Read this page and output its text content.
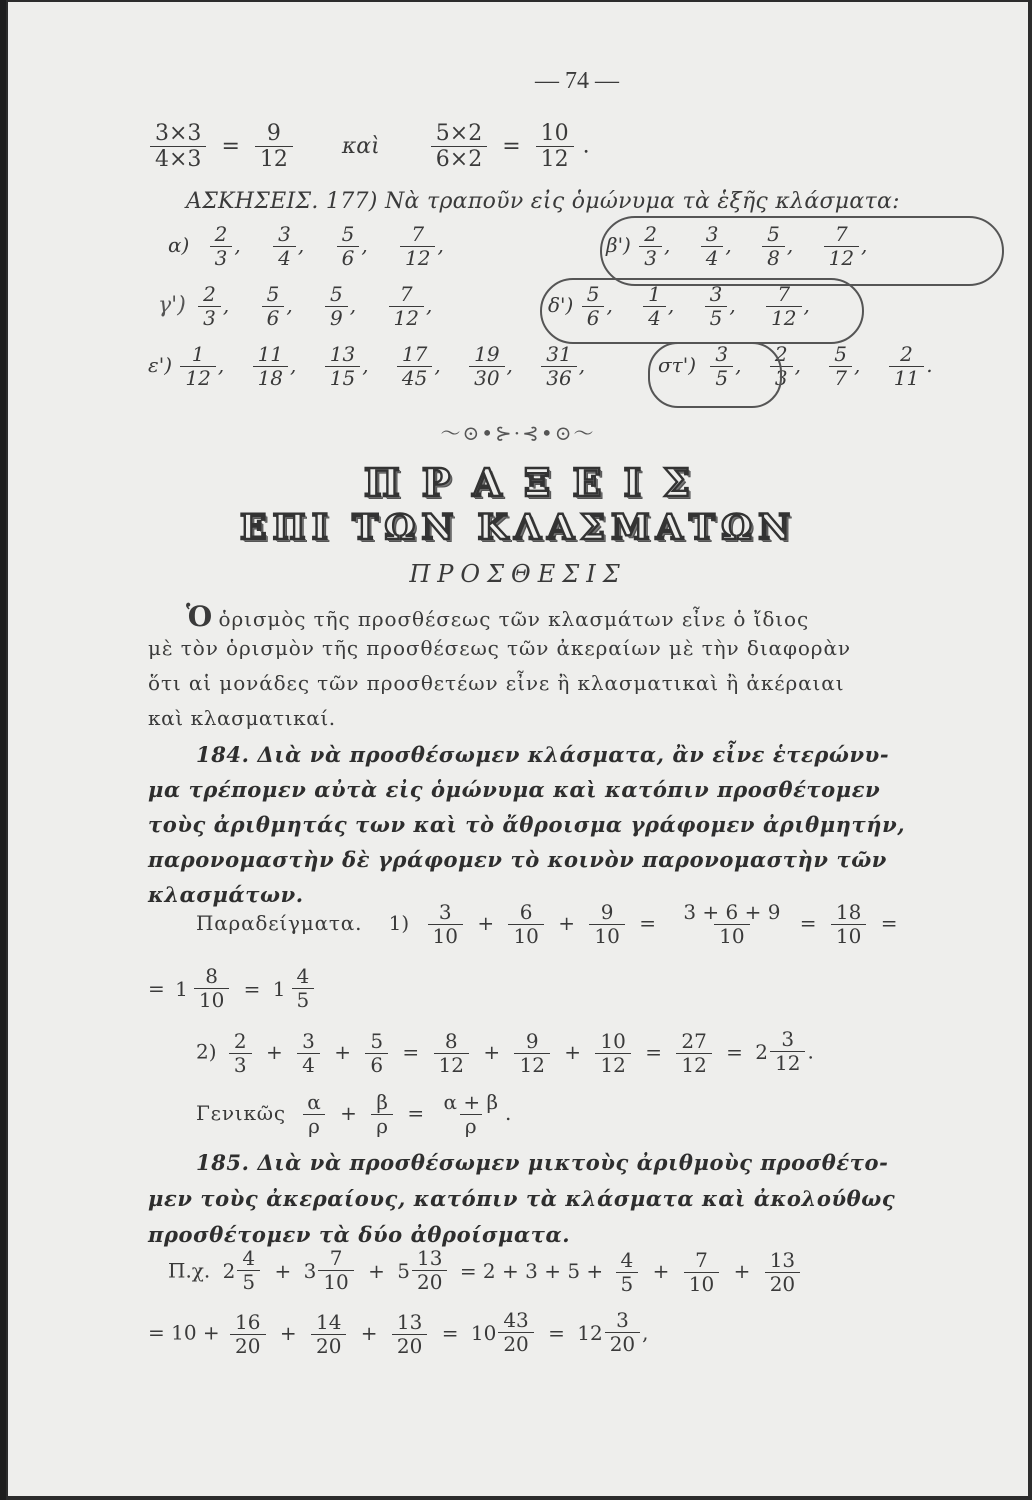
— 74 —
$\frac{3\times 3}{4\times 3} = \frac{9}{12}$ καὶ $\frac{5\times 2}{6\times 2} = \frac{10}{12}$ .
ΑΣΚΗΣΕΙΣ. 177) Νὰ τραποῦν εἰς ὁμώνυμα τὰ ἑξῆς κλάσματα:
$\alpha) \frac{2}{3}$ , $\frac{3}{4}$ , $\frac{5}{6}$ , $\frac{7}{12}$ ,	$\beta') \frac{2}{3}$ , $\frac{3}{4}$ , $\frac{5}{8}$ , $\frac{7}{12}$ ,
$\gamma') \frac{2}{3}$ , $\frac{5}{6}$ , $\frac{5}{9}$ , $\frac{7}{12}$ ,	$\delta') \frac{5}{6}$ , $\frac{1}{4}$ , $\frac{3}{5}$ , $\frac{7}{12}$ ,
$\varepsilon') \frac{1}{12}$ , $\frac{11}{18}$ , $\frac{13}{15}$ , $\frac{17}{45}$ , $\frac{19}{30}$ , $\frac{31}{36}$ ,	$\sigma\tau') \frac{3}{5}$ , $\frac{2}{3}$ , $\frac{5}{7}$ , $\frac{2}{11}$ .
〜⊙•⊱·⊰•⊙〜
ΠΡΑΞΕΙΣ
ΕΠΙ ΤΩΝ ΚΛΑΣΜΑΤΩΝ
ΠΡΟΣΘΕΣΙΣ
Ὁ ὁρισμὸς τῆς προσθέσεως τῶν κλασμάτων εἶνε ὁ ἴδιος
μὲ τὸν ὁρισμὸν τῆς προσθέσεως τῶν ἀκεραίων μὲ τὴν διαφορὰν
ὅτι αἱ μονάδες τῶν προσθετέων εἶνε ἢ κλασματικαὶ ἢ ἀκέραιαι
καὶ κλασματικαί.
184. Διὰ νὰ προσθέσωμεν κλάσματα, ἂν εἶνε ἑτερώνυ-
μα τρέπομεν αὐτὰ εἰς ὁμώνυμα καὶ κατόπιν προσθέτομεν
τοὺς ἀριθμητάς των καὶ τὸ ἄθροισμα γράφομεν ἀριθμητήν,
παρονομαστὴν δὲ γράφομεν τὸ κοινὸν παρονομαστὴν τῶν
κλασμάτων.
Παραδείγματα. $1) \frac{3}{10} + \frac{6}{10} + \frac{9}{10} = \frac{3 + 6 + 9}{10} = \frac{18}{10}$ =
= $1 \frac{8}{10} = 1 \frac{4}{5}$
$2) \frac{2}{3} + \frac{3}{4} + \frac{5}{6} = \frac{8}{12} + \frac{9}{12} + \frac{10}{12} = \frac{27}{12} = 2 \frac{3}{12}$ .
Γενικῶς $\frac{\alpha}{\rho} + \frac{\beta}{\rho} = \frac{\alpha + \beta}{\rho}$ .
185. Διὰ νὰ προσθέσωμεν μικτοὺς ἀριθμοὺς προσθέτο-
μεν τοὺς ἀκεραίους, κατόπιν τὰ κλάσματα καὶ ἀκολούθως
προσθέτομεν τὰ δύο ἀθροίσματα.
Π.χ. $2 \frac{4}{5} + 3 \frac{7}{10} + 5 \frac{13}{20} = 2 + 3 + 5 + \frac{4}{5} + \frac{7}{10} + \frac{13}{20}$
= $10 + \frac{16}{20} + \frac{14}{20} + \frac{13}{20} = 10 \frac{43}{20} = 12 \frac{3}{20}$ ,
